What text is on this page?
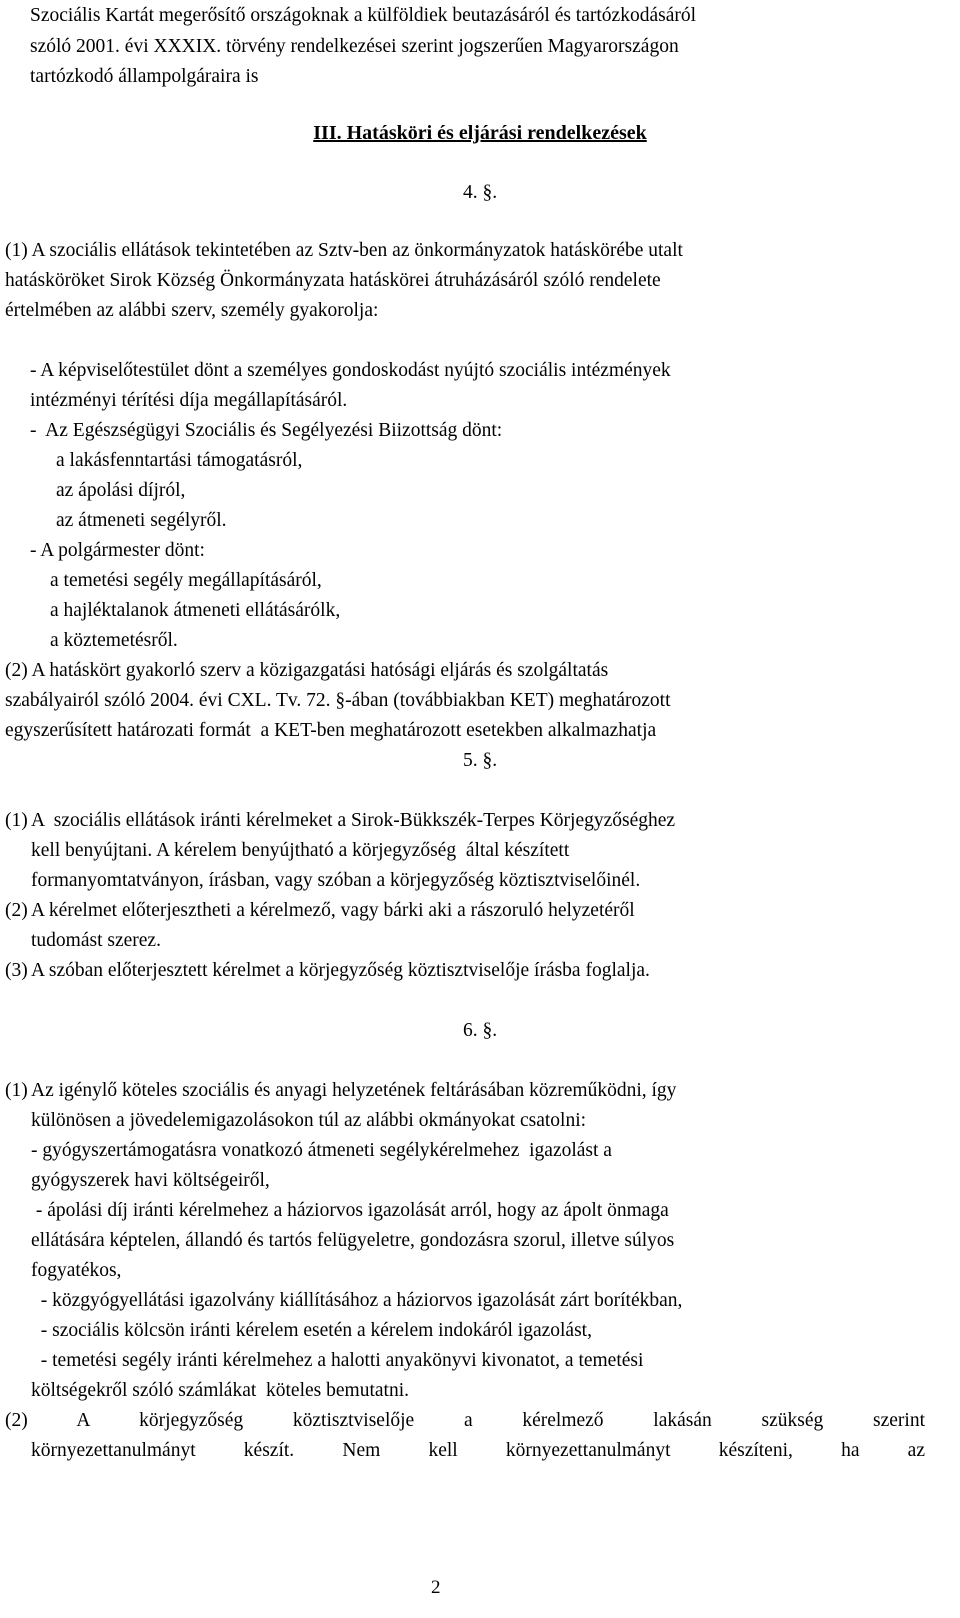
Szociális Kartát megerősítő országoknak a külföldiek beutazásáról és tartózkodásáról
szóló 2001. évi XXXIX. törvény rendelkezései szerint jogszerűen Magyarországon
tartózkodó állampolgáraira is
III. Hatásköri és eljárási rendelkezések
4. §.
(1) A szociális ellátások tekintetében az Sztv-ben az önkormányzatok hatáskörébe utalt
hatásköröket Sirok Község Önkormányzata hatáskörei átruházásáról szóló rendelete
értelmében az alábbi szerv, személy gyakorolja:
- A képviselőtestület dönt a személyes gondoskodást nyújtó szociális intézmények
intézményi térítési díja megállapításáról.
-  Az Egészségügyi Szociális és Segélyezési Biizottság dönt:
a lakásfenntartási támogatásról,
az ápolási díjról,
az átmeneti segélyről.
- A polgármester dönt:
a temetési segély megállapításáról,
a hajléktalanok átmeneti ellátásárólk,
a köztemetésről.
(2) A hatáskört gyakorló szerv a közigazgatási hatósági eljárás és szolgáltatás
szabályairól szóló 2004. évi CXL. Tv. 72. §-ában (továbbiakban KET) meghatározott
egyszerűsített határozati formát  a KET-ben meghatározott esetekben alkalmazhatja
5. §.
(1) A  szociális ellátások iránti kérelmeket a Sirok-Bükkszék-Terpes Körjegyzőséghez
kell benyújtani. A kérelem benyújtható a körjegyzőség  által készített
formanyomtatványon, írásban, vagy szóban a körjegyzőség köztisztviselőinél.
(2) A kérelmet előterjesztheti a kérelmező, vagy bárki aki a rászoruló helyzetéről
tudomást szerez.
(3) A szóban előterjesztett kérelmet a körjegyzőség köztisztviselője írásba foglalja.
6. §.
(1) Az igénylő köteles szociális és anyagi helyzetének feltárásában közreműködni, így
különösen a jövedelemigazolásokon túl az alábbi okmányokat csatolni:
- gyógyszertámogatásra vonatkozó átmeneti segélykérelmehez  igazolást a
gyógyszerek havi költségeiről,
- ápolási díj iránti kérelmehez a háziorvos igazolását arról, hogy az ápolt önmaga
ellátására képtelen, állandó és tartós felügyeletre, gondozásra szorul, illetve súlyos
fogyatékos,
- közgyógyellátási igazolvány kiállításához a háziorvos igazolását zárt borítékban,
- szociális kölcsön iránti kérelem esetén a kérelem indokáról igazolást,
- temetési segély iránti kérelmehez a halotti anyakönyvi kivonatot, a temetési
költségekről szóló számlákat  köteles bemutatni.
(2) A körjegyzőség köztisztviselője a kérelmező lakásán szükség szerint
környezettanulmányt készít. Nem kell környezettanulmányt készíteni, ha az
2
